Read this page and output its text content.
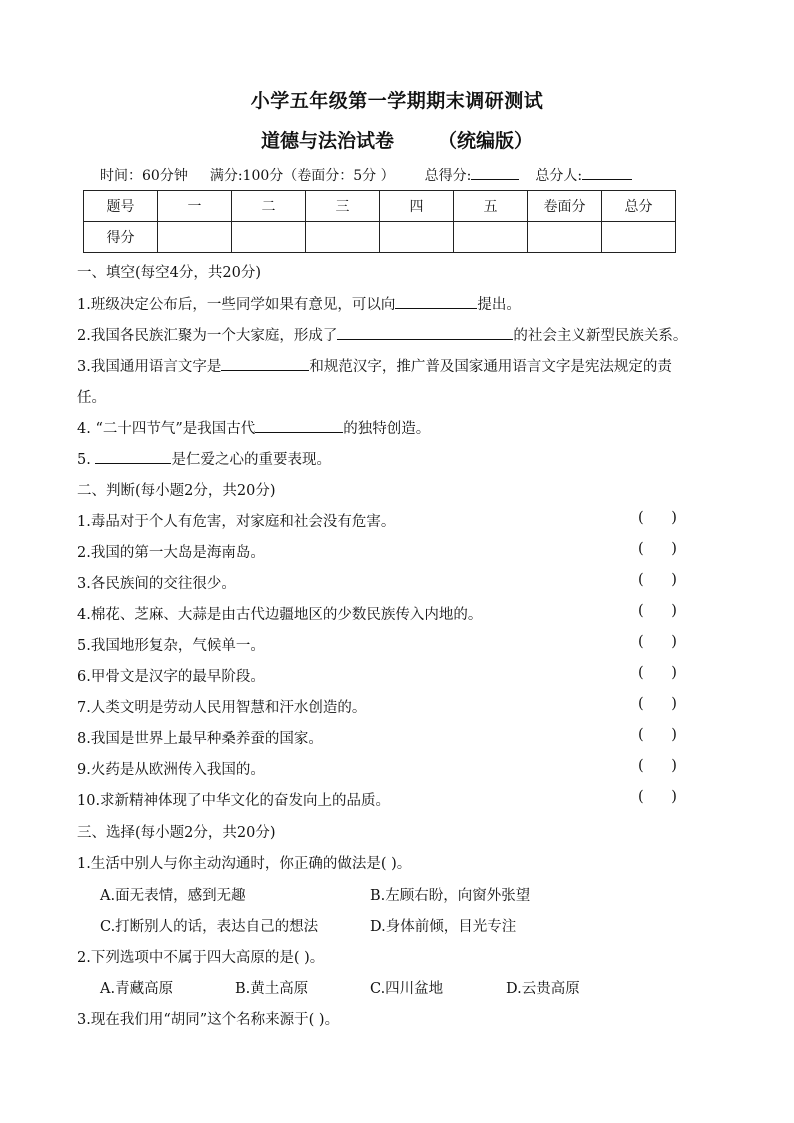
小学五年级第一学期期末调研测试
道德与法治试卷 （统编版）
时间：60分钟 满分:100分（卷面分：5分 ） 总得分:	总分人:
题号	一	二	三	四	五	卷面分	总分
得分							
一、填空(每空4分，共20分)
1.班级决定公布后，一些同学如果有意见，可以向	提出。
2.我国各民族汇聚为一个大家庭，形成了	的社会主义新型民族关系。
3.我国通用语言文字是	和规范汉字，推广普及国家通用语言文字是宪法规定的责
任。
4. “二十四节气”是我国古代	的独特创造。
5.	是仁爱之心的重要表现。
二、判断(每小题2分，共20分)
1.毒品对于个人有危害，对家庭和社会没有危害。	(      )
2.我国的第一大岛是海南岛。	(      )
3.各民族间的交往很少。	(      )
4.棉花、芝麻、大蒜是由古代边疆地区的少数民族传入内地的。	(      )
5.我国地形复杂，气候单一。	(      )
6.甲骨文是汉字的最早阶段。	(      )
7.人类文明是劳动人民用智慧和汗水创造的。	(      )
8.我国是世界上最早种桑养蚕的国家。	(      )
9.火药是从欧洲传入我国的。	(      )
10.求新精神体现了中华文化的奋发向上的品质。	(      )
三、选择(每小题2分，共20分)
1.生活中别人与你主动沟通时，你正确的做法是( )。
A.面无表情，感到无趣	B.左顾右盼，向窗外张望
C.打断别人的话，表达自己的想法	D.身体前倾，目光专注
2.下列选项中不属于四大高原的是( )。
A.青藏高原	B.黄土高原	C.四川盆地	D.云贵高原
3.现在我们用“胡同”这个名称来源于( )。
